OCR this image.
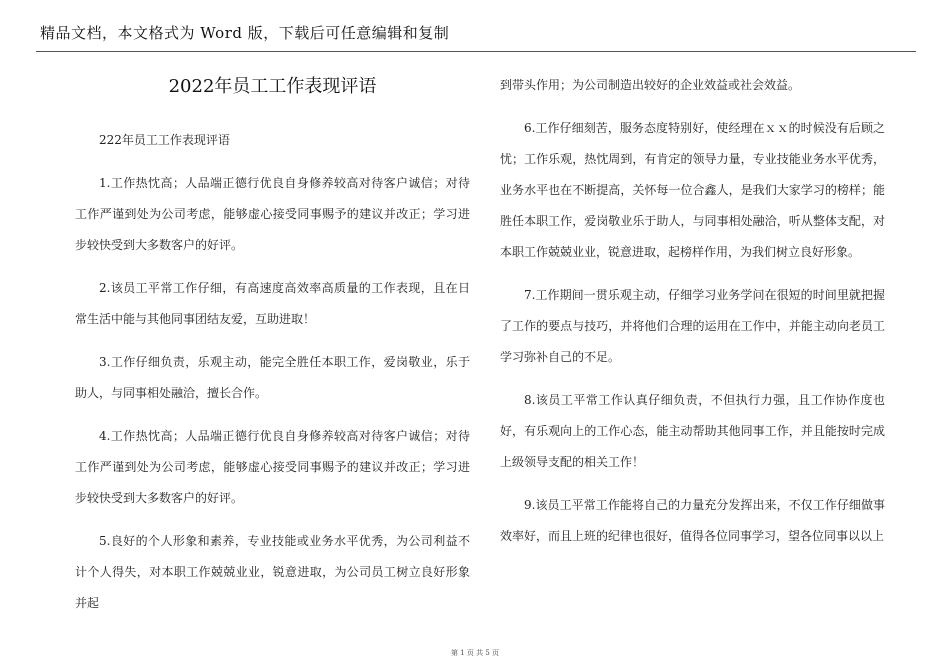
精品文档，本文格式为 Word 版，下载后可任意编辑和复制
2022年员工工作表现评语

222年员工工作表现评语

1.工作热忱高；人品端正德行优良自身修养较高对待客户诚信；对待工作严谨到处为公司考虑，能够虚心接受同事赐予的建议并改正；学习进步较快受到大多数客户的好评。

2.该员工平常工作仔细，有高速度高效率高质量的工作表现，且在日常生活中能与其他同事团结友爱，互助进取！

3.工作仔细负责，乐观主动，能完全胜任本职工作，爱岗敬业，乐于助人，与同事相处融洽，擅长合作。

4.工作热忱高；人品端正德行优良自身修养较高对待客户诚信；对待工作严谨到处为公司考虑，能够虚心接受同事赐予的建议并改正；学习进步较快受到大多数客户的好评。

5.良好的个人形象和素养，专业技能或业务水平优秀，为公司利益不计个人得失，对本职工作兢兢业业，锐意进取，为公司员工树立良好形象并起

到带头作用；为公司制造出较好的企业效益或社会效益。

6.工作仔细刻苦，服务态度特别好，使经理在ｘｘ的时候没有后顾之忧；工作乐观，热忱周到，有肯定的领导力量，专业技能业务水平优秀，业务水平也在不断提高，关怀每一位合鑫人，是我们大家学习的榜样；能胜任本职工作，爱岗敬业乐于助人，与同事相处融洽，听从整体支配，对本职工作兢兢业业，锐意进取，起榜样作用，为我们树立良好形象。

7.工作期间一贯乐观主动，仔细学习业务学问在很短的时间里就把握了工作的要点与技巧，并将他们合理的运用在工作中，并能主动向老员工学习弥补自己的不足。

8.该员工平常工作认真仔细负责，不但执行力强，且工作协作度也好，有乐观向上的工作心态，能主动帮助其他同事工作，并且能按时完成上级领导支配的相关工作！

9.该员工平常工作能将自己的力量充分发挥出来，不仅工作仔细做事效率好，而且上班的纪律也很好，值得各位同事学习，望各位同事以以上

第 1 页 共 5 页
